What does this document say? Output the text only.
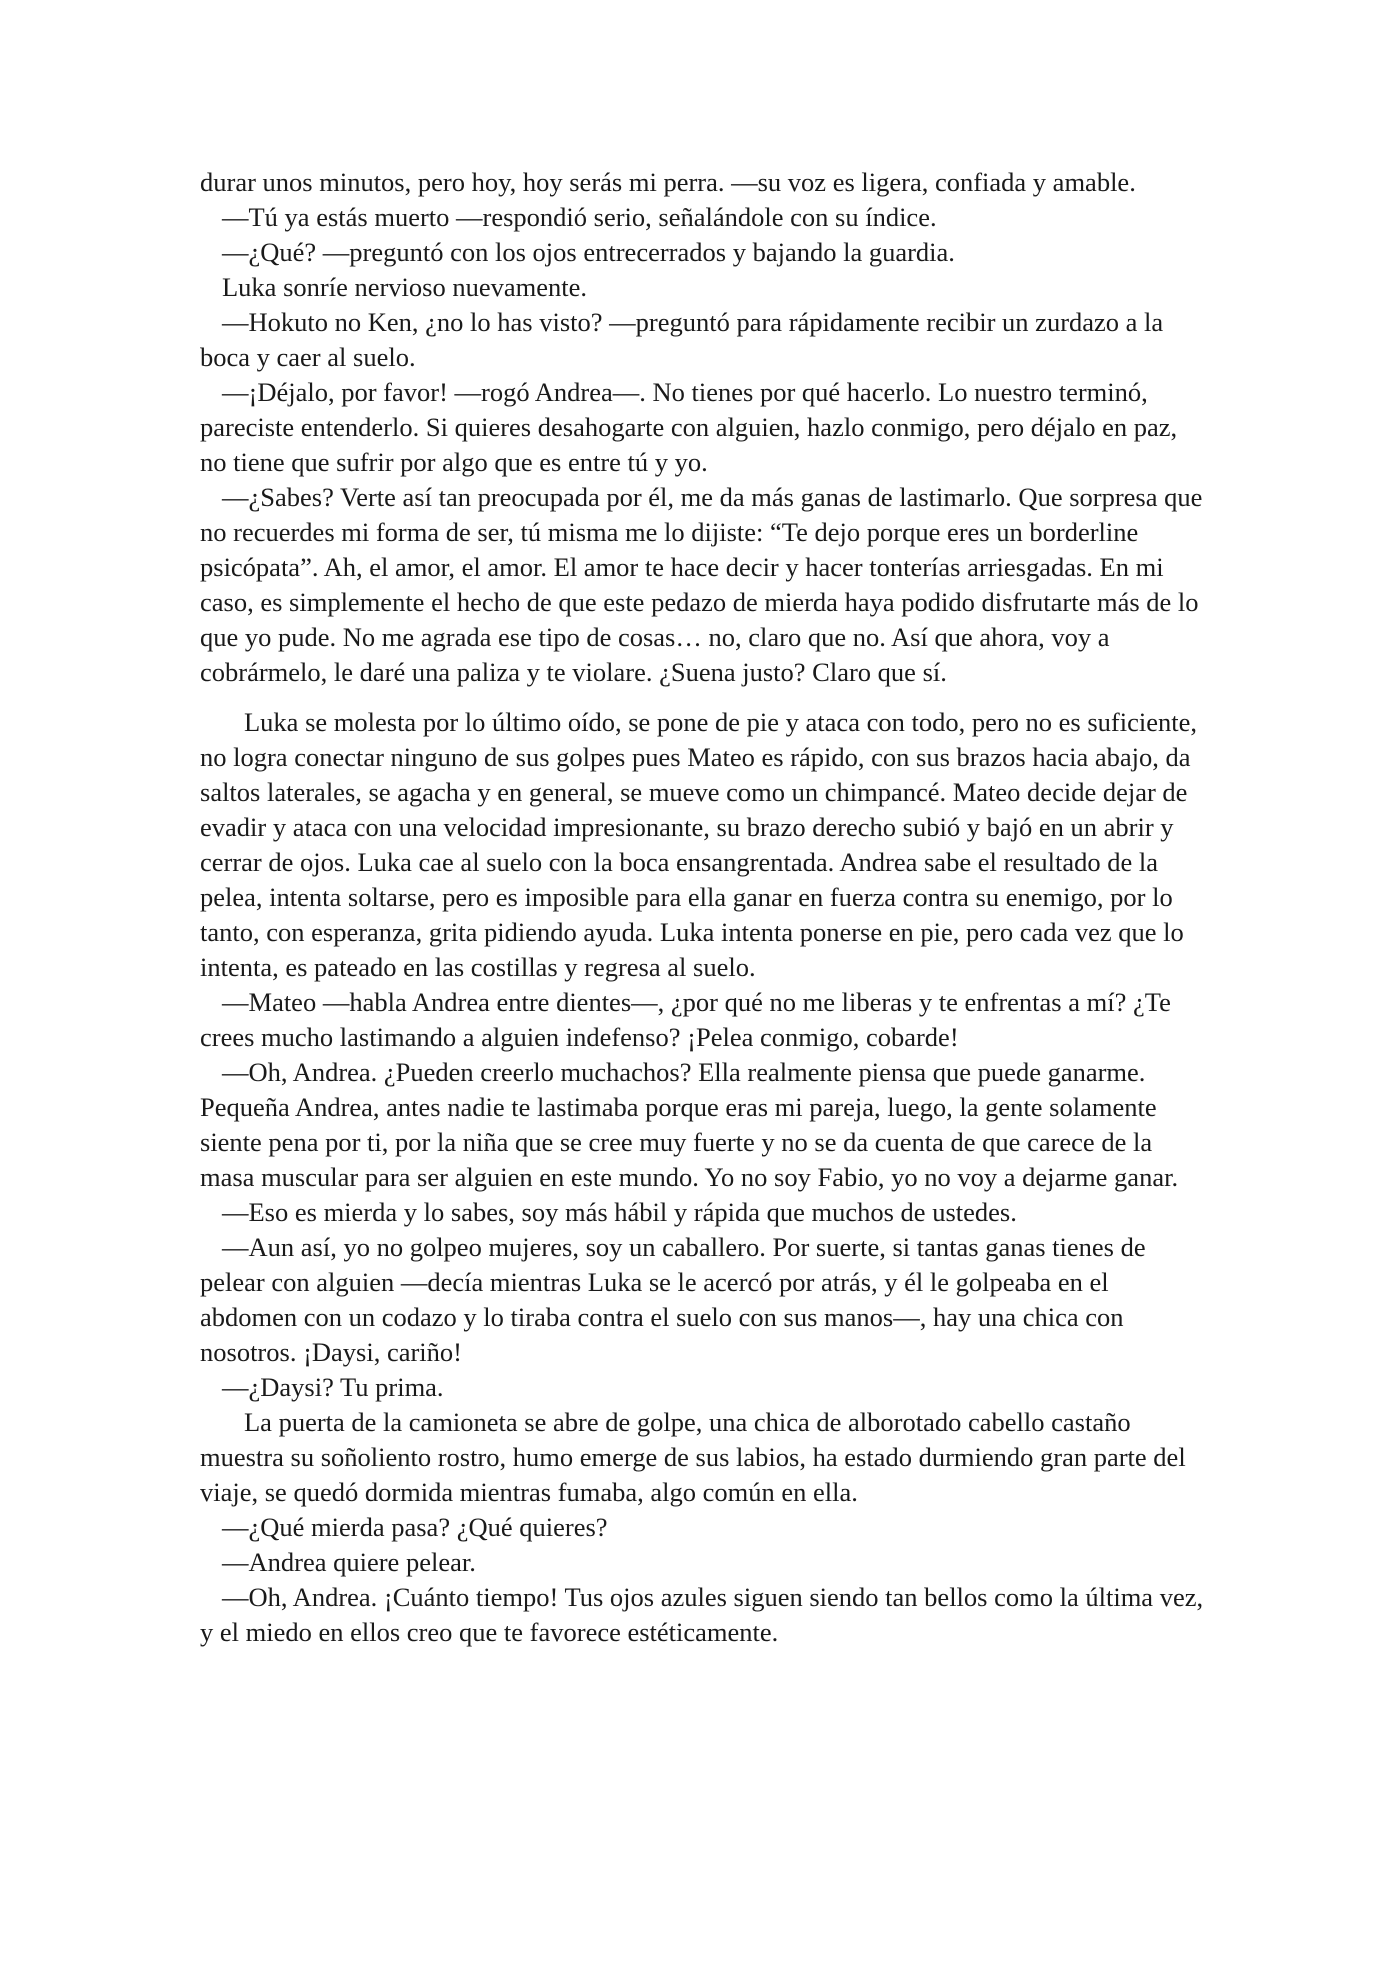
durar unos minutos, pero hoy, hoy serás mi perra. —su voz es ligera, confiada y amable.

—Tú ya estás muerto —respondió serio, señalándole con su índice.

—¿Qué? —preguntó con los ojos entrecerrados y bajando la guardia.

Luka sonríe nervioso nuevamente.

—Hokuto no Ken, ¿no lo has visto? —preguntó para rápidamente recibir un zurdazo a la boca y caer al suelo.

—¡Déjalo, por favor! —rogó Andrea—. No tienes por qué hacerlo. Lo nuestro terminó, pareciste entenderlo. Si quieres desahogarte con alguien, hazlo conmigo, pero déjalo en paz, no tiene que sufrir por algo que es entre tú y yo.

—¿Sabes? Verte así tan preocupada por él, me da más ganas de lastimarlo. Que sorpresa que no recuerdes mi forma de ser, tú misma me lo dijiste: “Te dejo porque eres un borderline psicópata”. Ah, el amor, el amor. El amor te hace decir y hacer tonterías arriesgadas. En mi caso, es simplemente el hecho de que este pedazo de mierda haya podido disfrutarte más de lo que yo pude. No me agrada ese tipo de cosas… no, claro que no. Así que ahora, voy a cobrármelo, le daré una paliza y te violare. ¿Suena justo? Claro que sí.

Luka se molesta por lo último oído, se pone de pie y ataca con todo, pero no es suficiente, no logra conectar ninguno de sus golpes pues Mateo es rápido, con sus brazos hacia abajo, da saltos laterales, se agacha y en general, se mueve como un chimpancé. Mateo decide dejar de evadir y ataca con una velocidad impresionante, su brazo derecho subió y bajó en un abrir y cerrar de ojos. Luka cae al suelo con la boca ensangrentada. Andrea sabe el resultado de la pelea, intenta soltarse, pero es imposible para ella ganar en fuerza contra su enemigo, por lo tanto, con esperanza, grita pidiendo ayuda. Luka intenta ponerse en pie, pero cada vez que lo intenta, es pateado en las costillas y regresa al suelo.

—Mateo —habla Andrea entre dientes—, ¿por qué no me liberas y te enfrentas a mí? ¿Te crees mucho lastimando a alguien indefenso? ¡Pelea conmigo, cobarde!

—Oh, Andrea. ¿Pueden creerlo muchachos? Ella realmente piensa que puede ganarme. Pequeña Andrea, antes nadie te lastimaba porque eras mi pareja, luego, la gente solamente siente pena por ti, por la niña que se cree muy fuerte y no se da cuenta de que carece de la masa muscular para ser alguien en este mundo. Yo no soy Fabio, yo no voy a dejarme ganar.

—Eso es mierda y lo sabes, soy más hábil y rápida que muchos de ustedes.

—Aun así, yo no golpeo mujeres, soy un caballero. Por suerte, si tantas ganas tienes de pelear con alguien —decía mientras Luka se le acercó por atrás, y él le golpeaba en el abdomen con un codazo y lo tiraba contra el suelo con sus manos—, hay una chica con nosotros. ¡Daysi, cariño!

—¿Daysi? Tu prima.

La puerta de la camioneta se abre de golpe, una chica de alborotado cabello castaño muestra su soñoliento rostro, humo emerge de sus labios, ha estado durmiendo gran parte del viaje, se quedó dormida mientras fumaba, algo común en ella.

—¿Qué mierda pasa? ¿Qué quieres?

—Andrea quiere pelear.

—Oh, Andrea. ¡Cuánto tiempo! Tus ojos azules siguen siendo tan bellos como la última vez, y el miedo en ellos creo que te favorece estéticamente.
